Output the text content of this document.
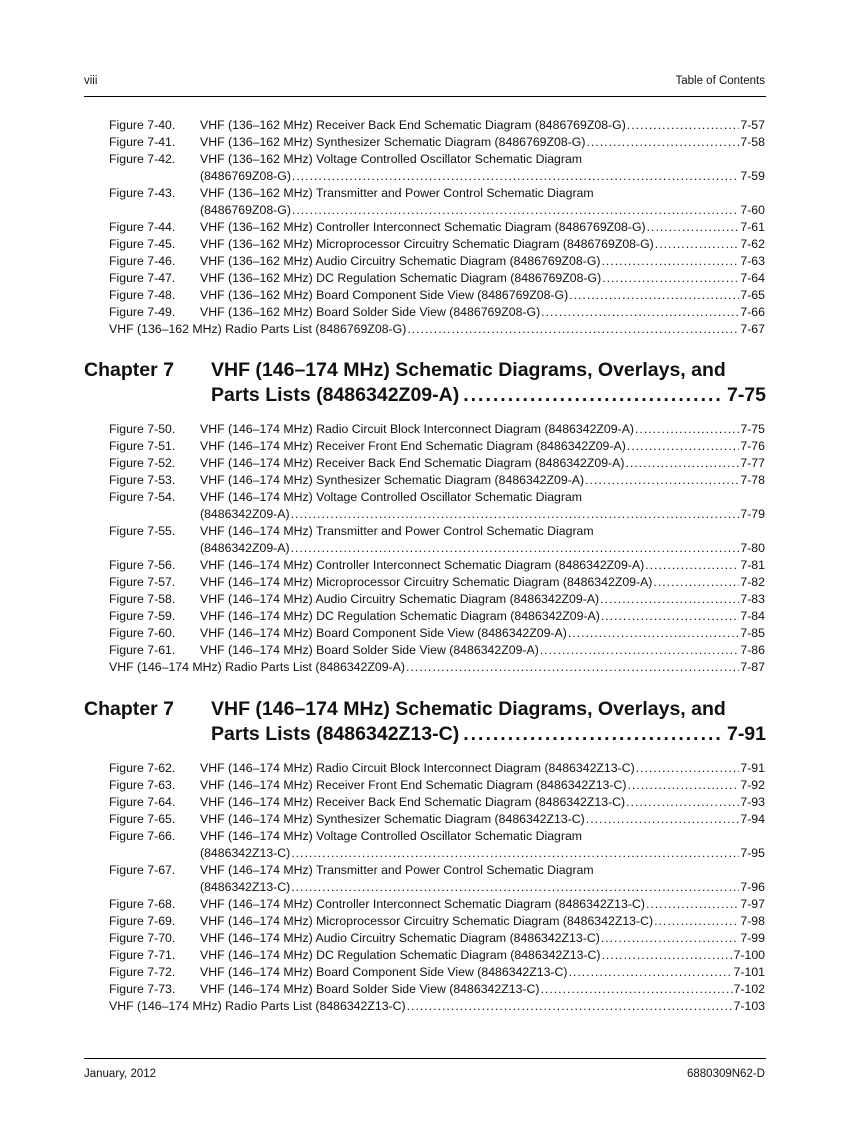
viii	Table of Contents
Figure 7-40. VHF (136–162 MHz) Receiver Back End Schematic Diagram (8486769Z08-G) .....	7-57
Figure 7-41. VHF (136–162 MHz) Synthesizer Schematic Diagram (8486769Z08-G) .....	7-58
Figure 7-42. VHF (136–162 MHz) Voltage Controlled Oscillator Schematic Diagram
(8486769Z08-G) .....	7-59
Figure 7-43. VHF (136–162 MHz) Transmitter and Power Control Schematic Diagram
(8486769Z08-G) .....	7-60
Figure 7-44. VHF (136–162 MHz) Controller Interconnect Schematic Diagram (8486769Z08-G) .....	7-61
Figure 7-45. VHF (136–162 MHz) Microprocessor Circuitry Schematic Diagram (8486769Z08-G) .....	7-62
Figure 7-46. VHF (136–162 MHz) Audio Circuitry Schematic Diagram (8486769Z08-G) .....	7-63
Figure 7-47. VHF (136–162 MHz) DC Regulation Schematic Diagram (8486769Z08-G) .....	7-64
Figure 7-48. VHF (136–162 MHz) Board Component Side View (8486769Z08-G) .....	7-65
Figure 7-49. VHF (136–162 MHz) Board Solder Side View (8486769Z08-G) .....	7-66
VHF (136–162 MHz) Radio Parts List (8486769Z08-G) .....	7-67
Chapter 7 VHF (146–174 MHz) Schematic Diagrams, Overlays, and
Parts Lists (8486342Z09-A) .....	7-75
Figure 7-50. VHF (146–174 MHz) Radio Circuit Block Interconnect Diagram (8486342Z09-A) .....	7-75
Figure 7-51. VHF (146–174 MHz) Receiver Front End Schematic Diagram (8486342Z09-A) .....	7-76
Figure 7-52. VHF (146–174 MHz) Receiver Back End Schematic Diagram (8486342Z09-A) .....	7-77
Figure 7-53. VHF (146–174 MHz) Synthesizer Schematic Diagram (8486342Z09-A) .....	7-78
Figure 7-54. VHF (146–174 MHz) Voltage Controlled Oscillator Schematic Diagram
(8486342Z09-A) .....	7-79
Figure 7-55. VHF (146–174 MHz) Transmitter and Power Control Schematic Diagram
(8486342Z09-A) .....	7-80
Figure 7-56. VHF (146–174 MHz) Controller Interconnect Schematic Diagram (8486342Z09-A) .....	7-81
Figure 7-57. VHF (146–174 MHz) Microprocessor Circuitry Schematic Diagram (8486342Z09-A) .....	7-82
Figure 7-58. VHF (146–174 MHz) Audio Circuitry Schematic Diagram (8486342Z09-A) .....	7-83
Figure 7-59. VHF (146–174 MHz) DC Regulation Schematic Diagram (8486342Z09-A) .....	7-84
Figure 7-60. VHF (146–174 MHz) Board Component Side View (8486342Z09-A) .....	7-85
Figure 7-61. VHF (146–174 MHz) Board Solder Side View (8486342Z09-A) .....	7-86
VHF (146–174 MHz) Radio Parts List (8486342Z09-A) .....	7-87
Chapter 7 VHF (146–174 MHz) Schematic Diagrams, Overlays, and
Parts Lists (8486342Z13-C) .....	7-91
Figure 7-62. VHF (146–174 MHz) Radio Circuit Block Interconnect Diagram (8486342Z13-C) .....	7-91
Figure 7-63. VHF (146–174 MHz) Receiver Front End Schematic Diagram (8486342Z13-C) .....	7-92
Figure 7-64. VHF (146–174 MHz) Receiver Back End Schematic Diagram (8486342Z13-C) .....	7-93
Figure 7-65. VHF (146–174 MHz) Synthesizer Schematic Diagram (8486342Z13-C) .....	7-94
Figure 7-66. VHF (146–174 MHz) Voltage Controlled Oscillator Schematic Diagram
(8486342Z13-C) .....	7-95
Figure 7-67. VHF (146–174 MHz) Transmitter and Power Control Schematic Diagram
(8486342Z13-C) .....	7-96
Figure 7-68. VHF (146–174 MHz) Controller Interconnect Schematic Diagram (8486342Z13-C) .....	7-97
Figure 7-69. VHF (146–174 MHz) Microprocessor Circuitry Schematic Diagram (8486342Z13-C) .....	7-98
Figure 7-70. VHF (146–174 MHz) Audio Circuitry Schematic Diagram (8486342Z13-C) .....	7-99
Figure 7-71. VHF (146–174 MHz) DC Regulation Schematic Diagram (8486342Z13-C) .....	7-100
Figure 7-72. VHF (146–174 MHz) Board Component Side View (8486342Z13-C) .....	7-101
Figure 7-73. VHF (146–174 MHz) Board Solder Side View (8486342Z13-C) .....	7-102
VHF (146–174 MHz) Radio Parts List (8486342Z13-C) .....	7-103
January, 2012	6880309N62-D
